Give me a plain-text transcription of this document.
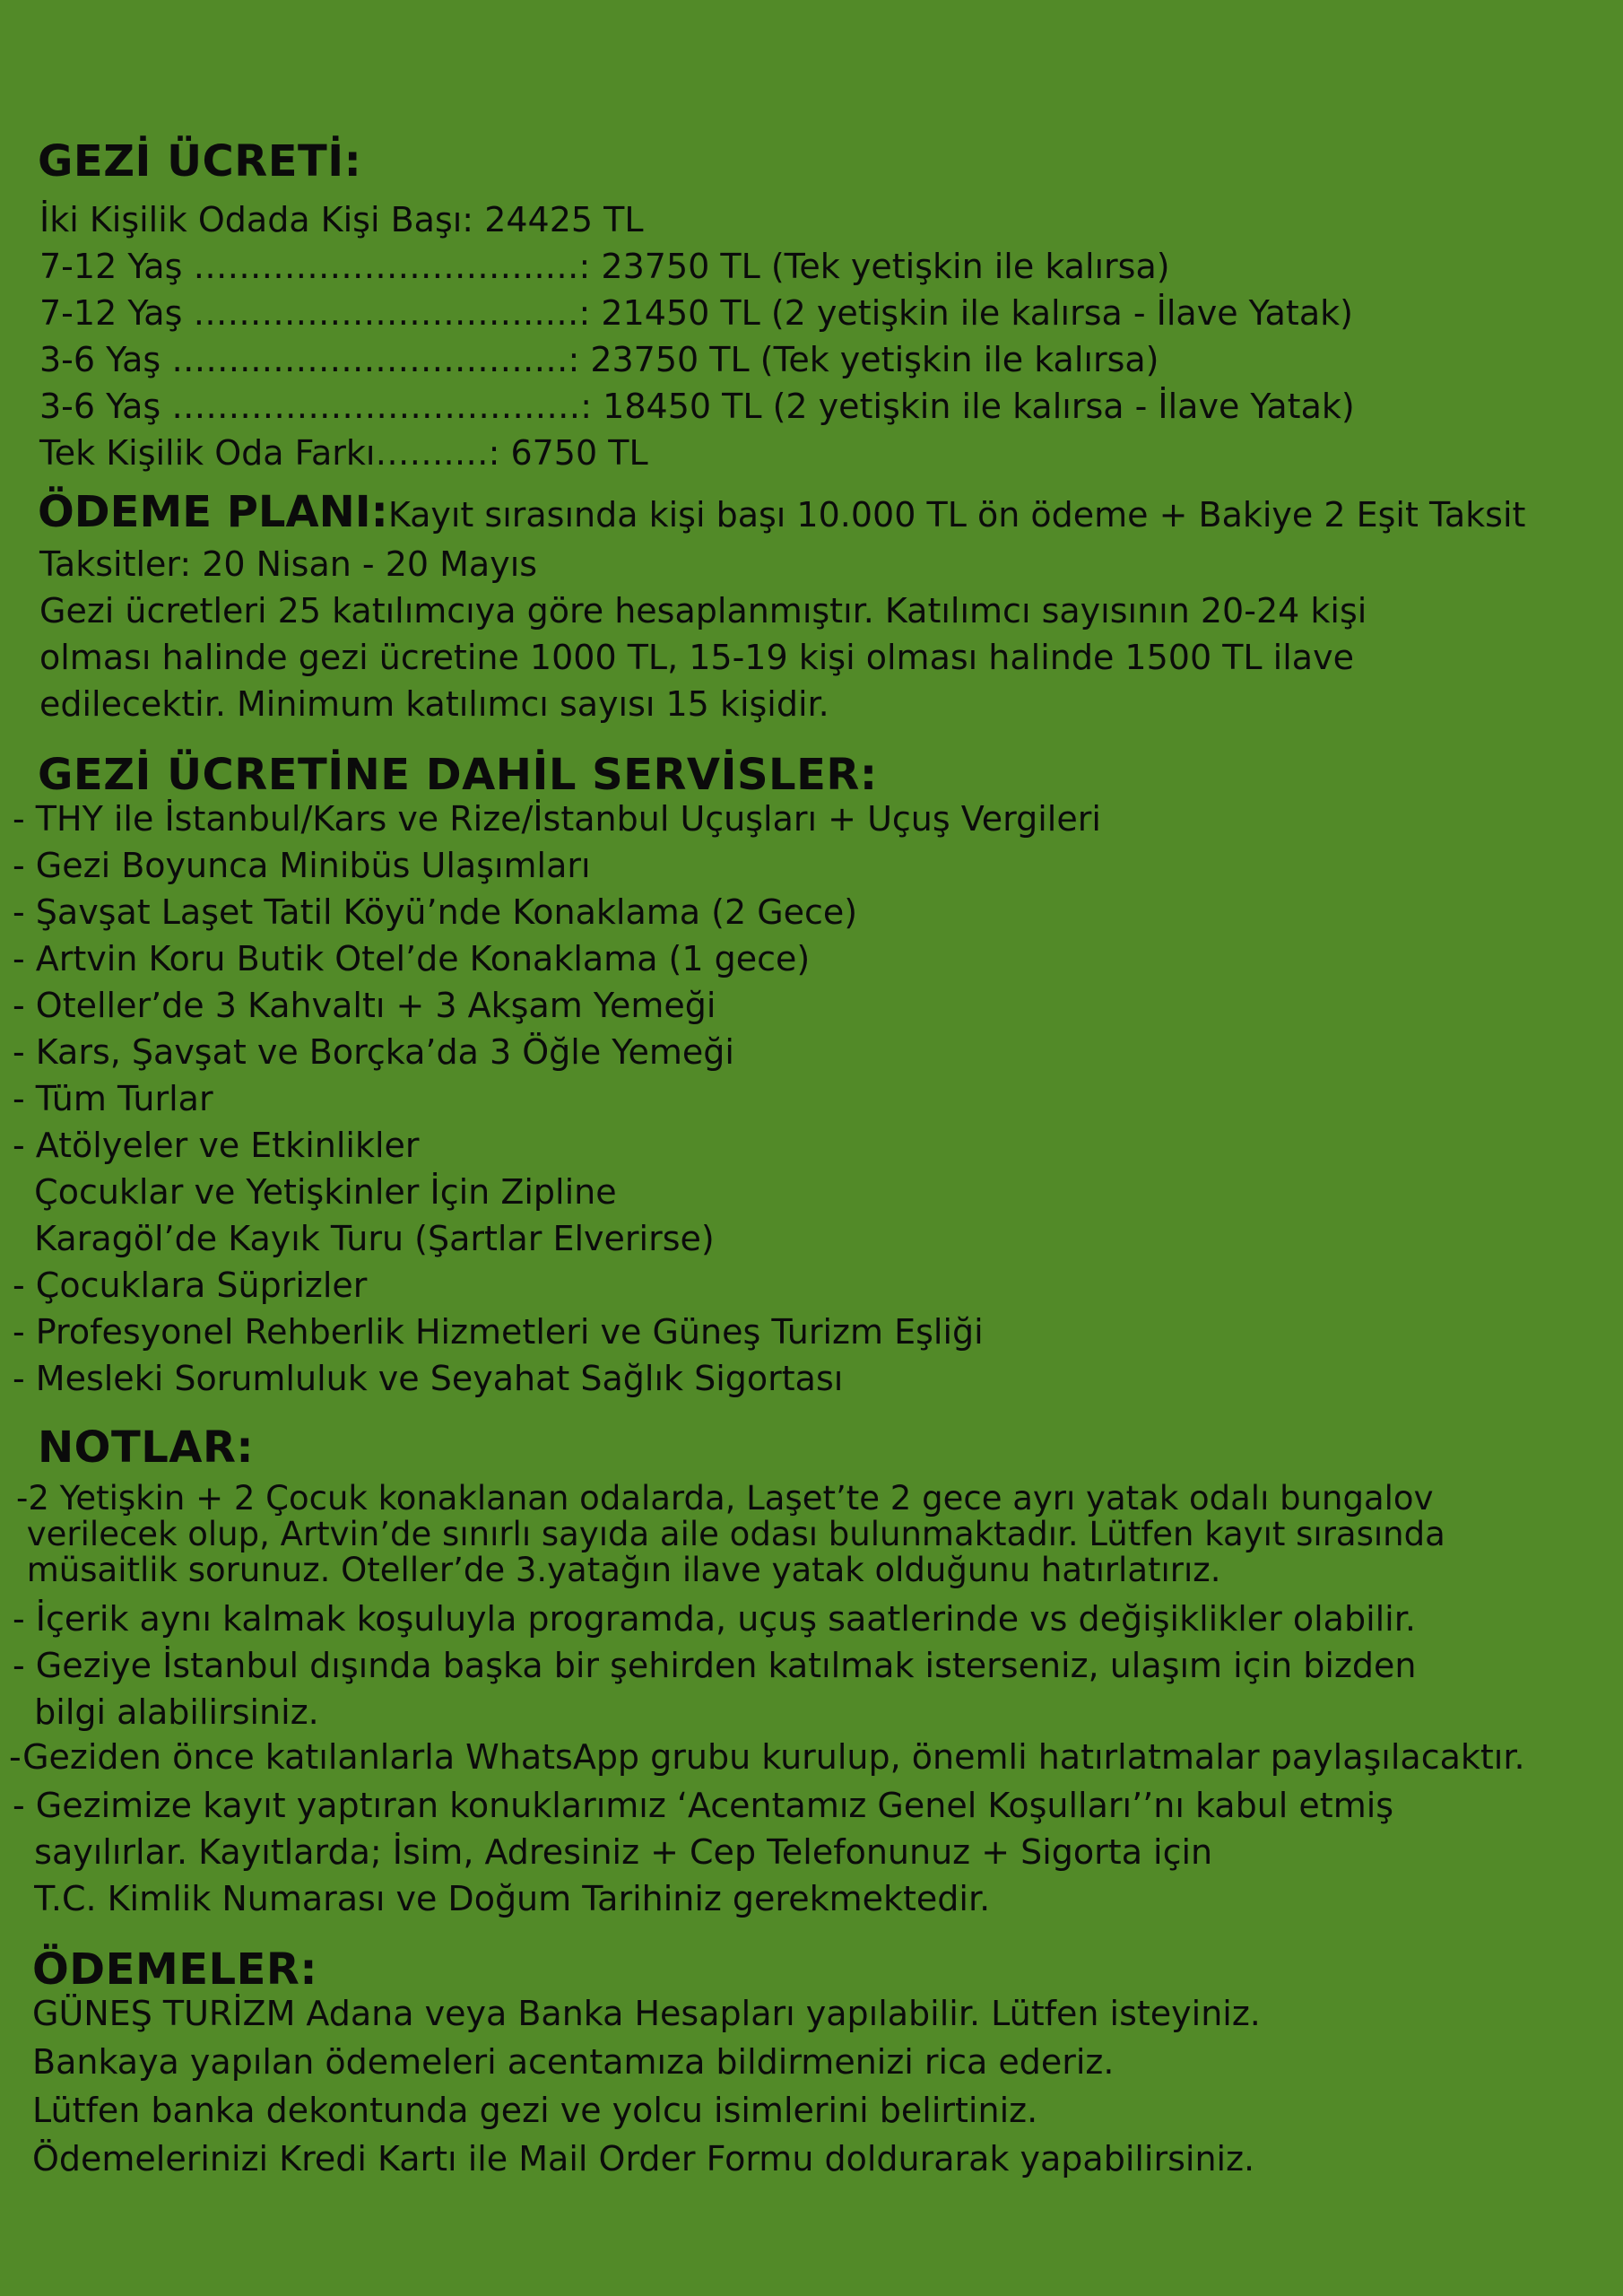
GEZİ ÜCRETİ:
İki Kişilik Odada Kişi Başı: 24425 TL
7-12 Yaş ………………………….…: 23750 TL (Tek yetişkin ile kalırsa)
7-12 Yaş ………………………….…: 21450 TL (2 yetişkin ile kalırsa - İlave Yatak)
3-6 Yaş ……..………………………: 23750 TL (Tek yetişkin ile kalırsa)
3-6 Yaş ………………………………: 18450 TL (2 yetişkin ile kalırsa - İlave Yatak)
Tek Kişilik Oda Farkı…….…: 6750 TL
ÖDEME PLANI:Kayıt sırasında kişi başı 10.000 TL ön ödeme + Bakiye 2 Eşit Taksit
Taksitler: 20 Nisan - 20 Mayıs
Gezi ücretleri 25 katılımcıya göre hesaplanmıştır. Katılımcı sayısının 20-24 kişi
olması halinde gezi ücretine 1000 TL, 15-19 kişi olması halinde 1500 TL ilave
edilecektir. Minimum katılımcı sayısı 15 kişidir.
GEZİ ÜCRETİNE DAHİL SERVİSLER:
- THY ile İstanbul/Kars ve Rize/İstanbul Uçuşları + Uçuş Vergileri
- Gezi Boyunca Minibüs Ulaşımları
- Şavşat Laşet Tatil Köyü’nde Konaklama (2 Gece)
- Artvin Koru Butik Otel’de Konaklama (1 gece)
- Oteller’de 3 Kahvaltı + 3 Akşam Yemeği
- Kars, Şavşat ve Borçka’da 3 Öğle Yemeği
- Tüm Turlar
- Atölyeler ve Etkinlikler
Çocuklar ve Yetişkinler İçin Zipline
Karagöl’de Kayık Turu (Şartlar Elverirse)
- Çocuklara Süprizler
- Profesyonel Rehberlik Hizmetleri ve Güneş Turizm Eşliği
- Mesleki Sorumluluk ve Seyahat Sağlık Sigortası
NOTLAR:
-2 Yetişkin + 2 Çocuk konaklanan odalarda, Laşet’te 2 gece ayrı yatak odalı bungalov
verilecek olup, Artvin’de sınırlı sayıda aile odası bulunmaktadır. Lütfen kayıt sırasında
müsaitlik sorunuz. Oteller’de 3.yatağın ilave yatak olduğunu hatırlatırız.
- İçerik aynı kalmak koşuluyla programda, uçuş saatlerinde vs değişiklikler olabilir.
- Geziye İstanbul dışında başka bir şehirden katılmak isterseniz, ulaşım için bizden
bilgi alabilirsiniz.
-Geziden önce katılanlarla WhatsApp grubu kurulup, önemli hatırlatmalar paylaşılacaktır.
- Gezimize kayıt yaptıran konuklarımız ‘Acentamız Genel Koşulları’’nı kabul etmiş
sayılırlar. Kayıtlarda; İsim, Adresiniz + Cep Telefonunuz + Sigorta için
T.C. Kimlik Numarası ve Doğum Tarihiniz gerekmektedir.
ÖDEMELER:
GÜNEŞ TURİZM Adana veya Banka Hesapları yapılabilir. Lütfen isteyiniz.
Bankaya yapılan ödemeleri acentamıza bildirmenizi rica ederiz.
Lütfen banka dekontunda gezi ve yolcu isimlerini belirtiniz.
Ödemelerinizi Kredi Kartı ile Mail Order Formu doldurarak yapabilirsiniz.
